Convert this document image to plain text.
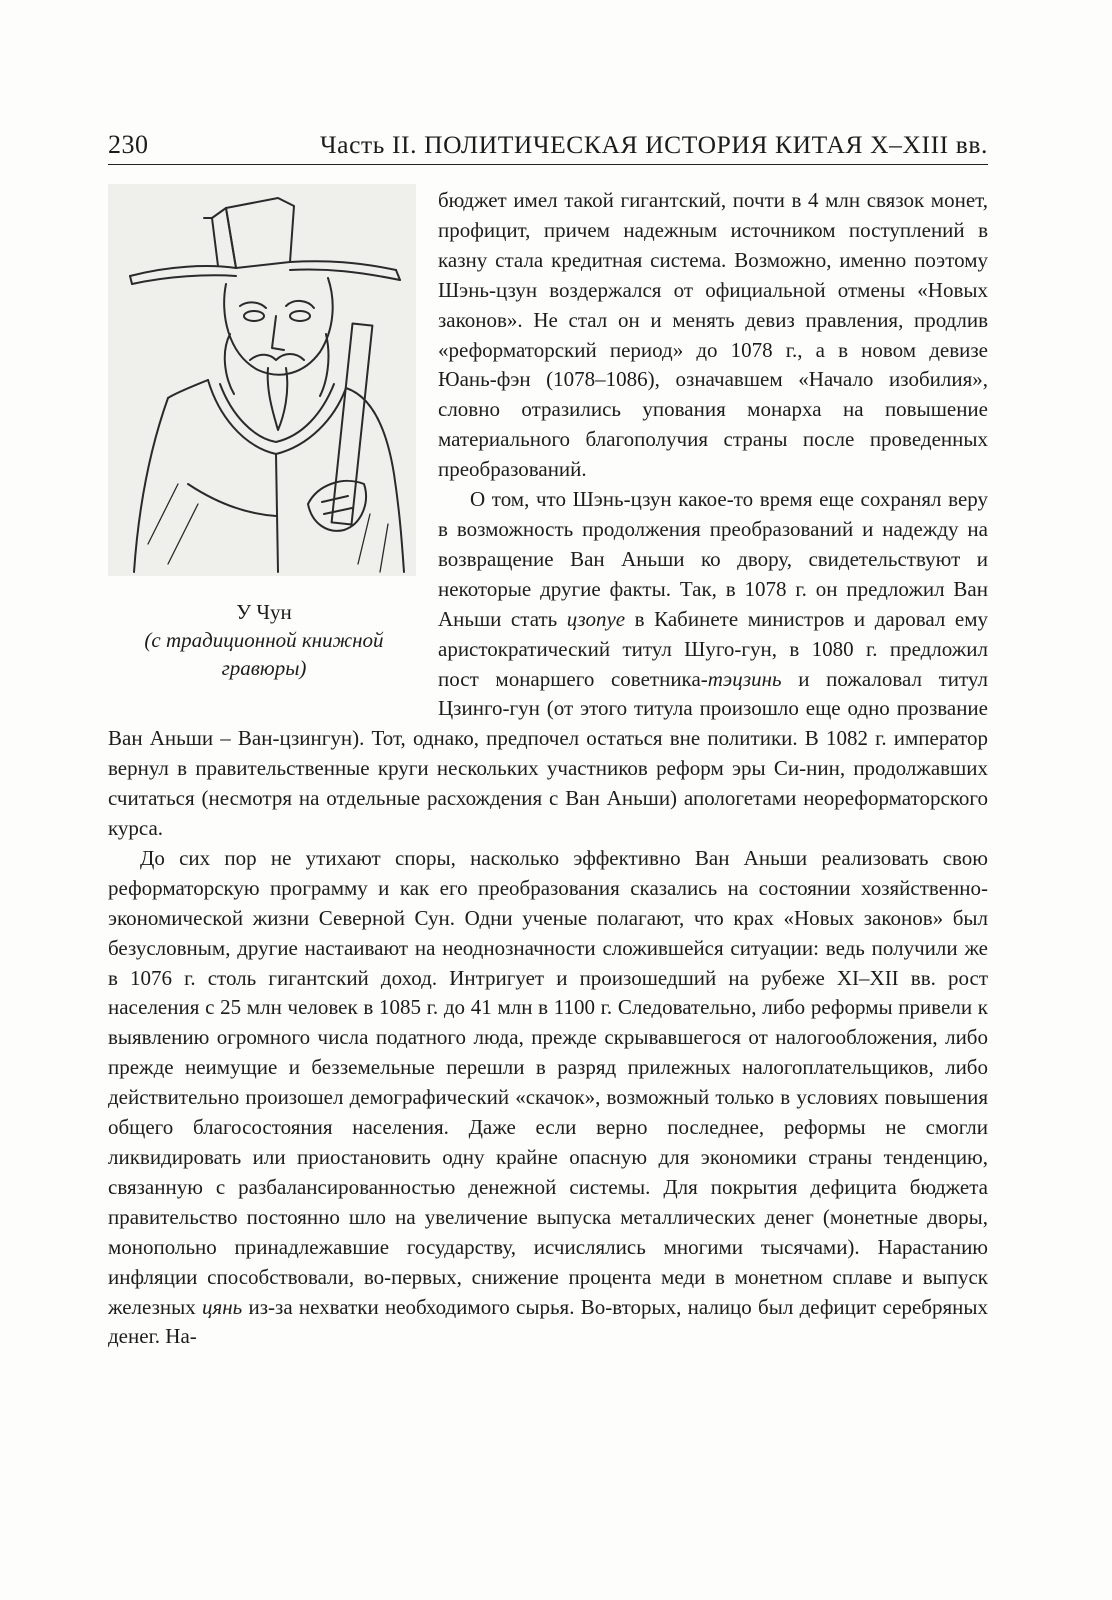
230	Часть II. ПОЛИТИЧЕСКАЯ ИСТОРИЯ КИТАЯ X–XIII вв.
У Чун
(с традиционной книжной гравюры)

бюджет имел такой гигантский, почти в 4 млн связок монет, профицит, причем надежным источником поступлений в казну стала кредитная система. Возможно, именно поэтому Шэнь-цзун воздержался от официальной отмены «Новых законов». Не стал он и менять девиз правления, продлив «реформаторский период» до 1078 г., а в новом девизе Юань-фэн (1078–1086), означавшем «Начало изобилия», словно отразились упования монарха на повышение материального благополучия страны после проведенных преобразований.

О том, что Шэнь-цзун какое-то время еще сохранял веру в возможность продолжения преобразований и надежду на возвращение Ван Аньши ко двору, свидетельствуют и некоторые другие факты. Так, в 1078 г. он предложил Ван Аньши стать цзопуе в Кабинете министров и даровал ему аристократический титул Шуго-гун, в 1080 г. предложил пост монаршего советника-тэцзинь и пожаловал титул Цзинго-гун (от этого титула произошло еще одно прозвание Ван Аньши – Ван-цзингун). Тот, однако, предпочел остаться вне политики. В 1082 г. император вернул в правительственные круги нескольких участников реформ эры Си-нин, продолжавших считаться (несмотря на отдельные расхождения с Ван Аньши) апологетами неореформаторского курса.

До сих пор не утихают споры, насколько эффективно Ван Аньши реализовать свою реформаторскую программу и как его преобразования сказались на состоянии хозяйственно-экономической жизни Северной Сун. Одни ученые полагают, что крах «Новых законов» был безусловным, другие настаивают на неоднозначности сложившейся ситуации: ведь получили же в 1076 г. столь гигантский доход. Интригует и произошедший на рубеже XI–XII вв. рост населения с 25 млн человек в 1085 г. до 41 млн в 1100 г. Следовательно, либо реформы привели к выявлению огромного числа податного люда, прежде скрывавшегося от налогообложения, либо прежде неимущие и безземельные перешли в разряд прилежных налогоплательщиков, либо действительно произошел демографический «скачок», возможный только в условиях повышения общего благосостояния населения. Даже если верно последнее, реформы не смогли ликвидировать или приостановить одну крайне опасную для экономики страны тенденцию, связанную с разбалансированностью денежной системы. Для покрытия дефицита бюджета правительство постоянно шло на увеличение выпуска металлических денег (монетные дворы, монопольно принадлежавшие государству, исчислялись многими тысячами). Нарастанию инфляции способствовали, во-первых, снижение процента меди в монетном сплаве и выпуск железных цянь из-за нехватки необходимого сырья. Во-вторых, налицо был дефицит серебряных денег. На-
